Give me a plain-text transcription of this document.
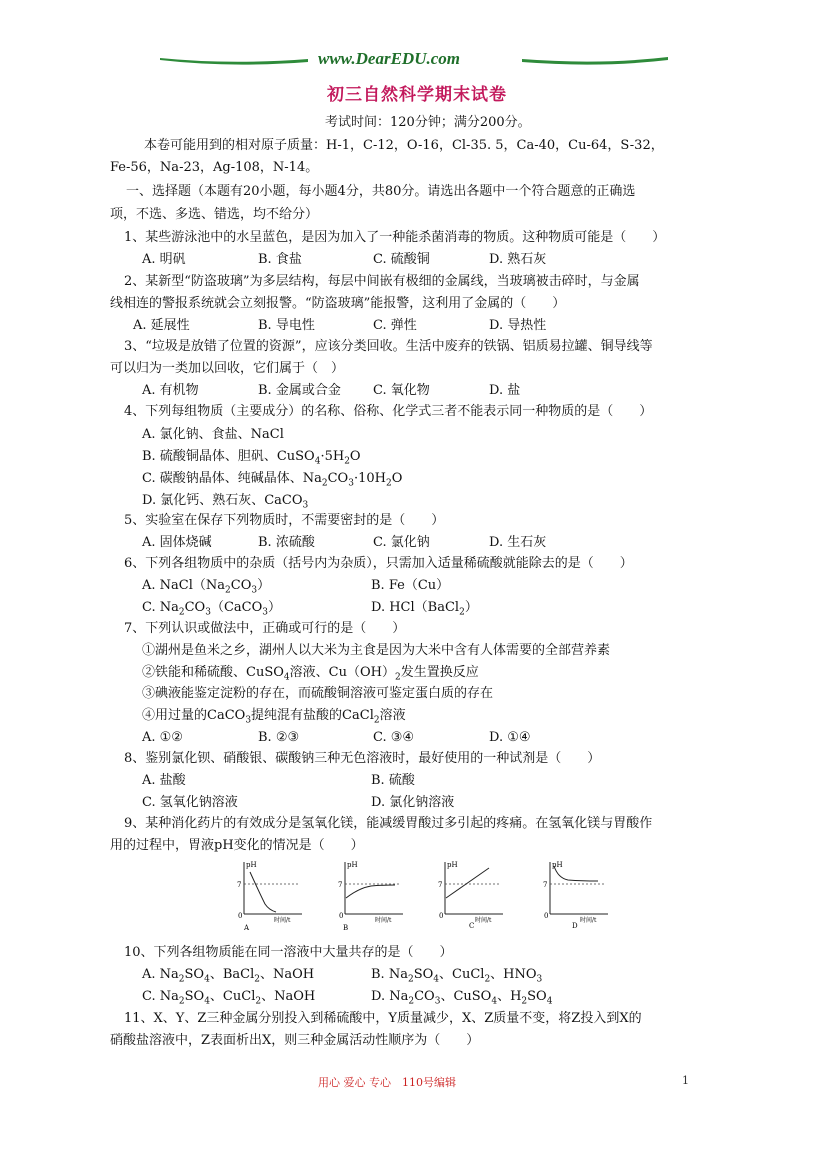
www.DearEDU.com
初三自然科学期末试卷
考试时间：120分钟；满分200分。
本卷可能用到的相对原子质量：H-1，C-12，O-16，Cl-35. 5，Ca-40，Cu-64，S-32，
Fe-56，Na-23，Ag-108，N-14。
一、选择题（本题有20小题，每小题4分，共80分。请选出各题中一个符合题意的正确选
项，不选、多选、错选，均不给分）
1、某些游泳池中的水呈蓝色，是因为加入了一种能杀菌消毒的物质。这种物质可能是（　　）
A. 明矾	B. 食盐	C. 硫酸铜	D. 熟石灰
2、某新型“防盗玻璃”为多层结构，每层中间嵌有极细的金属线，当玻璃被击碎时，与金属
线相连的警报系统就会立刻报警。“防盗玻璃”能报警，这利用了金属的（　　）
A. 延展性	B. 导电性	C. 弹性	D. 导热性
3、“垃圾是放错了位置的资源”，应该分类回收。生活中废弃的铁锅、铝质易拉罐、铜导线等
可以归为一类加以回收，它们属于（　）
A. 有机物	B. 金属或合金 C. 氧化物	D. 盐
4、下列每组物质（主要成分）的名称、俗称、化学式三者不能表示同一种物质的是（　　）
A. 氯化钠、食盐、NaCl
B. 硫酸铜晶体、胆矾、$CuSO_4\cdot 5H_2O$
C. 碳酸钠晶体、纯碱晶体、$Na_2CO_3\cdot 10H_2O$
D. 氯化钙、熟石灰、CaCO$_3$
5、实验室在保存下列物质时，不需要密封的是（　　）
A. 固体烧碱	B. 浓硫酸	C. 氯化钠	D. 生石灰
6、下列各组物质中的杂质（括号内为杂质），只需加入适量稀硫酸就能除去的是（　　）
A. $NaCl(Na_2CO_3)$	B. Fe（Cu）
C. $Na_2CO_3(CaCO_3)$	D. HCl（BaCl$_2$）
7、下列认识或做法中，正确或可行的是（　　）
①湖州是鱼米之乡，湖州人以大米为主食是因为大米中含有人体需要的全部营养素
②铁能和稀硫酸、CuSO$_4$溶液、$Cu(OH)_2$发生置换反应
③碘液能鉴定淀粉的存在，而硫酸铜溶液可鉴定蛋白质的存在
④用过量的CaCO$_3$提纯混有盐酸的CaCl$_2$溶液
A. ①②	B. ②③	C. ③④	D. ①④
8、鉴别氯化钡、硝酸银、碳酸钠三种无色溶液时，最好使用的一种试剂是（　　）
A. 盐酸	B. 硫酸
C. 氢氧化钠溶液	D. 氯化钠溶液
9、某种消化药片的有效成分是氢氧化镁，能减缓胃酸过多引起的疼痛。在氢氧化镁与胃酸作
用的过程中，胃液pH变化的情况是（　　）
pH
7
0
时间/t
A
pH
7
0
时间/t
B
pH
7
0
时间/t
C
pH
7
0
时间/t
D
10、下列各组物质能在同一溶液中大量共存的是（　　）
A. $Na_2SO_4$、BaCl$_2$、NaOH	B. $Na_2SO_4$、CuCl$_2$、$HNO_3$
C. $Na_2SO_4$、CuCl$_2$、NaOH	D. $Na_2CO_3$、CuSO$_4$、$H_2SO_4$
11、X、Y、Z三种金属分别投入到稀硫酸中，Y质量减少，X、Z质量不变，将Z投入到X的
硝酸盐溶液中，Z表面析出X，则三种金属活动性顺序为（　　）
用心 爱心 专心　110号编辑	1
